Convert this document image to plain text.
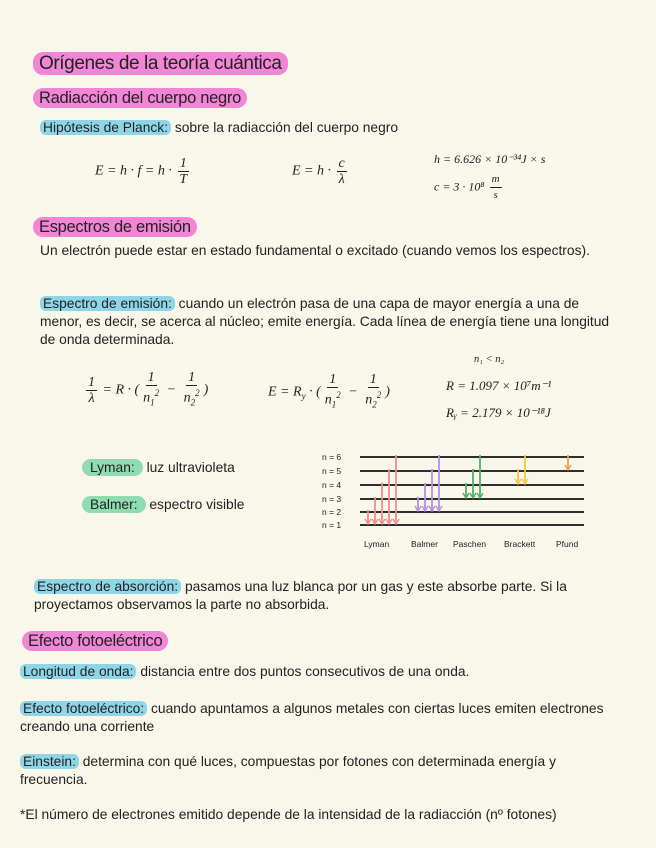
Orígenes de la teoría cuántica
Radiacción del cuerpo negro
Hipótesis de Planck: sobre la radiacción del cuerpo negro
$E = h \cdot f = h \cdot \frac{1}{T}$	$E = h \cdot \frac{c}{\lambda}$	h = 6.626 × 10⁻³⁴J × s
$c = 3 \cdot 10^8 \frac{m}{s}$
Espectros de emisión
Un electrón puede estar en estado fundamental o excitado (cuando vemos los espectros).
Espectro de emisión: cuando un electrón pasa de una capa de mayor energía a una de menor, es decir, se acerca al núcleo; emite energía. Cada línea de energía tiene una longitud de onda determinada.
n₁ < n₂
$\frac{1}{\lambda} = R$ · ( $\frac{1}{n_1^2} - \frac{1}{n_2^2}$ )	$E = R_y$ · ( $\frac{1}{n_1^2} - \frac{1}{n_2^2}$ )	R = 1.097 × 10⁷m⁻¹
Rᵧ = 2.179 × 10⁻¹⁸J
Lyman: luz ultravioleta
Balmer: espectro visible
n = 6
n = 5
n = 4
n = 3
n = 2
n = 1
Lyman	Balmer Paschen Brackett Pfund
Espectro de absorción: pasamos una luz blanca por un gas y este absorbe parte. Si la proyectamos observamos la parte no absorbida.
Efecto fotoeléctrico
Longitud de onda: distancia entre dos puntos consecutivos de una onda.
Efecto fotoeléctrico: cuando apuntamos a algunos metales con ciertas luces emiten electrones creando una corriente
Einstein: determina con qué luces, compuestas por fotones con determinada energía y frecuencia.
*El número de electrones emitido depende de la intensidad de la radiacción (nº fotones)
